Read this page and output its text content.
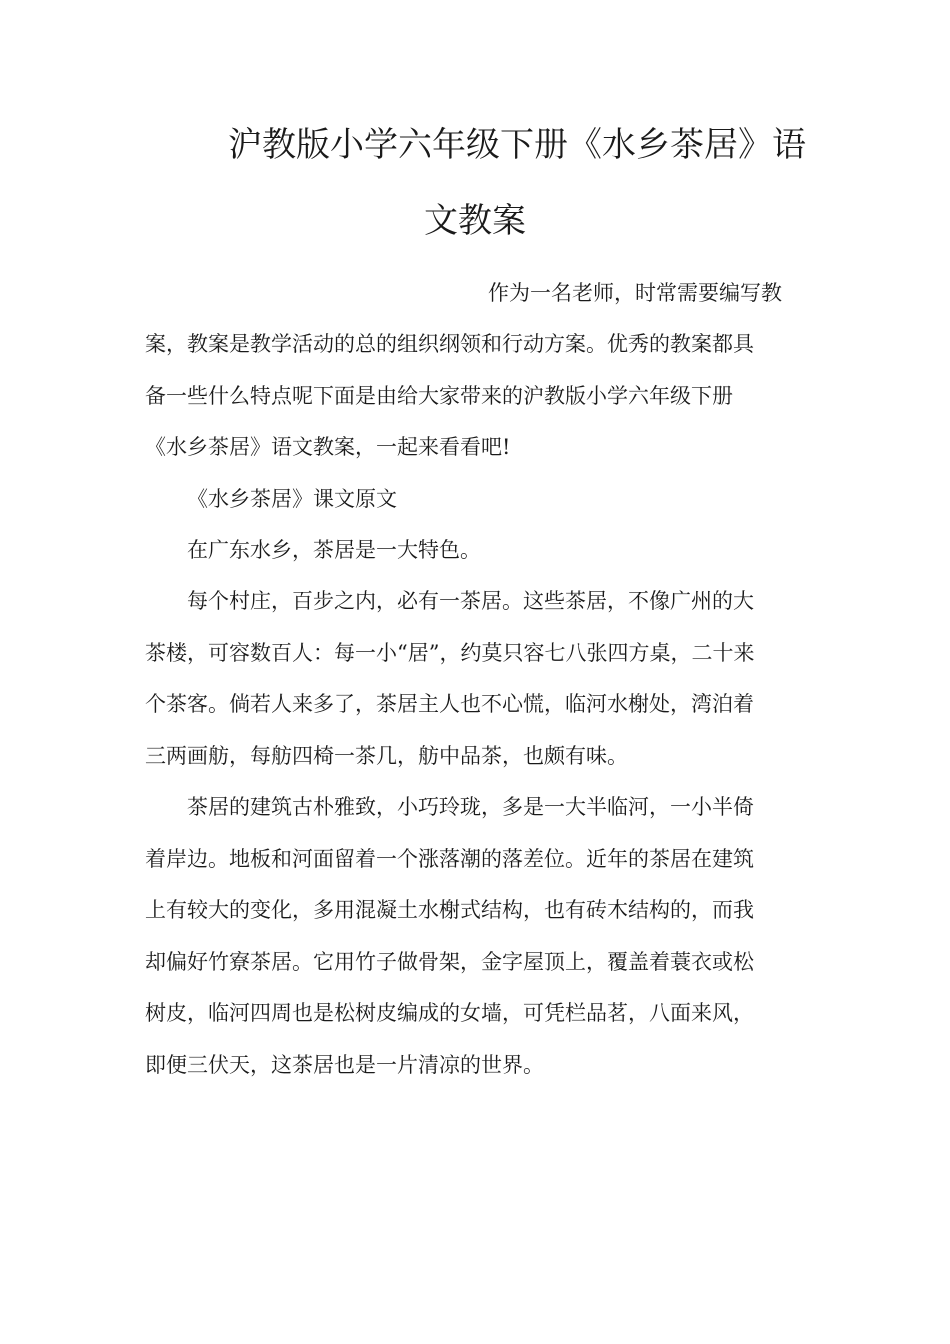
沪教版小学六年级下册《水乡茶居》语
文教案
作为一名老师，时常需要编写教
案，教案是教学活动的总的组织纲领和行动方案。优秀的教案都具
备一些什么特点呢下面是由给大家带来的沪教版小学六年级下册
《水乡茶居》语文教案，一起来看看吧!
《水乡茶居》课文原文
在广东水乡，茶居是一大特色。
每个村庄，百步之内，必有一茶居。这些茶居，不像广州的大
茶楼，可容数百人：每一小“居”，约莫只容七八张四方桌，二十来
个茶客。倘若人来多了，茶居主人也不心慌，临河水榭处，湾泊着
三两画舫，每舫四椅一茶几，舫中品茶，也颇有味。
茶居的建筑古朴雅致，小巧玲珑，多是一大半临河，一小半倚
着岸边。地板和河面留着一个涨落潮的落差位。近年的茶居在建筑
上有较大的变化，多用混凝土水榭式结构，也有砖木结构的，而我
却偏好竹寮茶居。它用竹子做骨架，金字屋顶上，覆盖着蓑衣或松
树皮，临河四周也是松树皮编成的女墙，可凭栏品茗，八面来风，
即便三伏天，这茶居也是一片清凉的世界。
